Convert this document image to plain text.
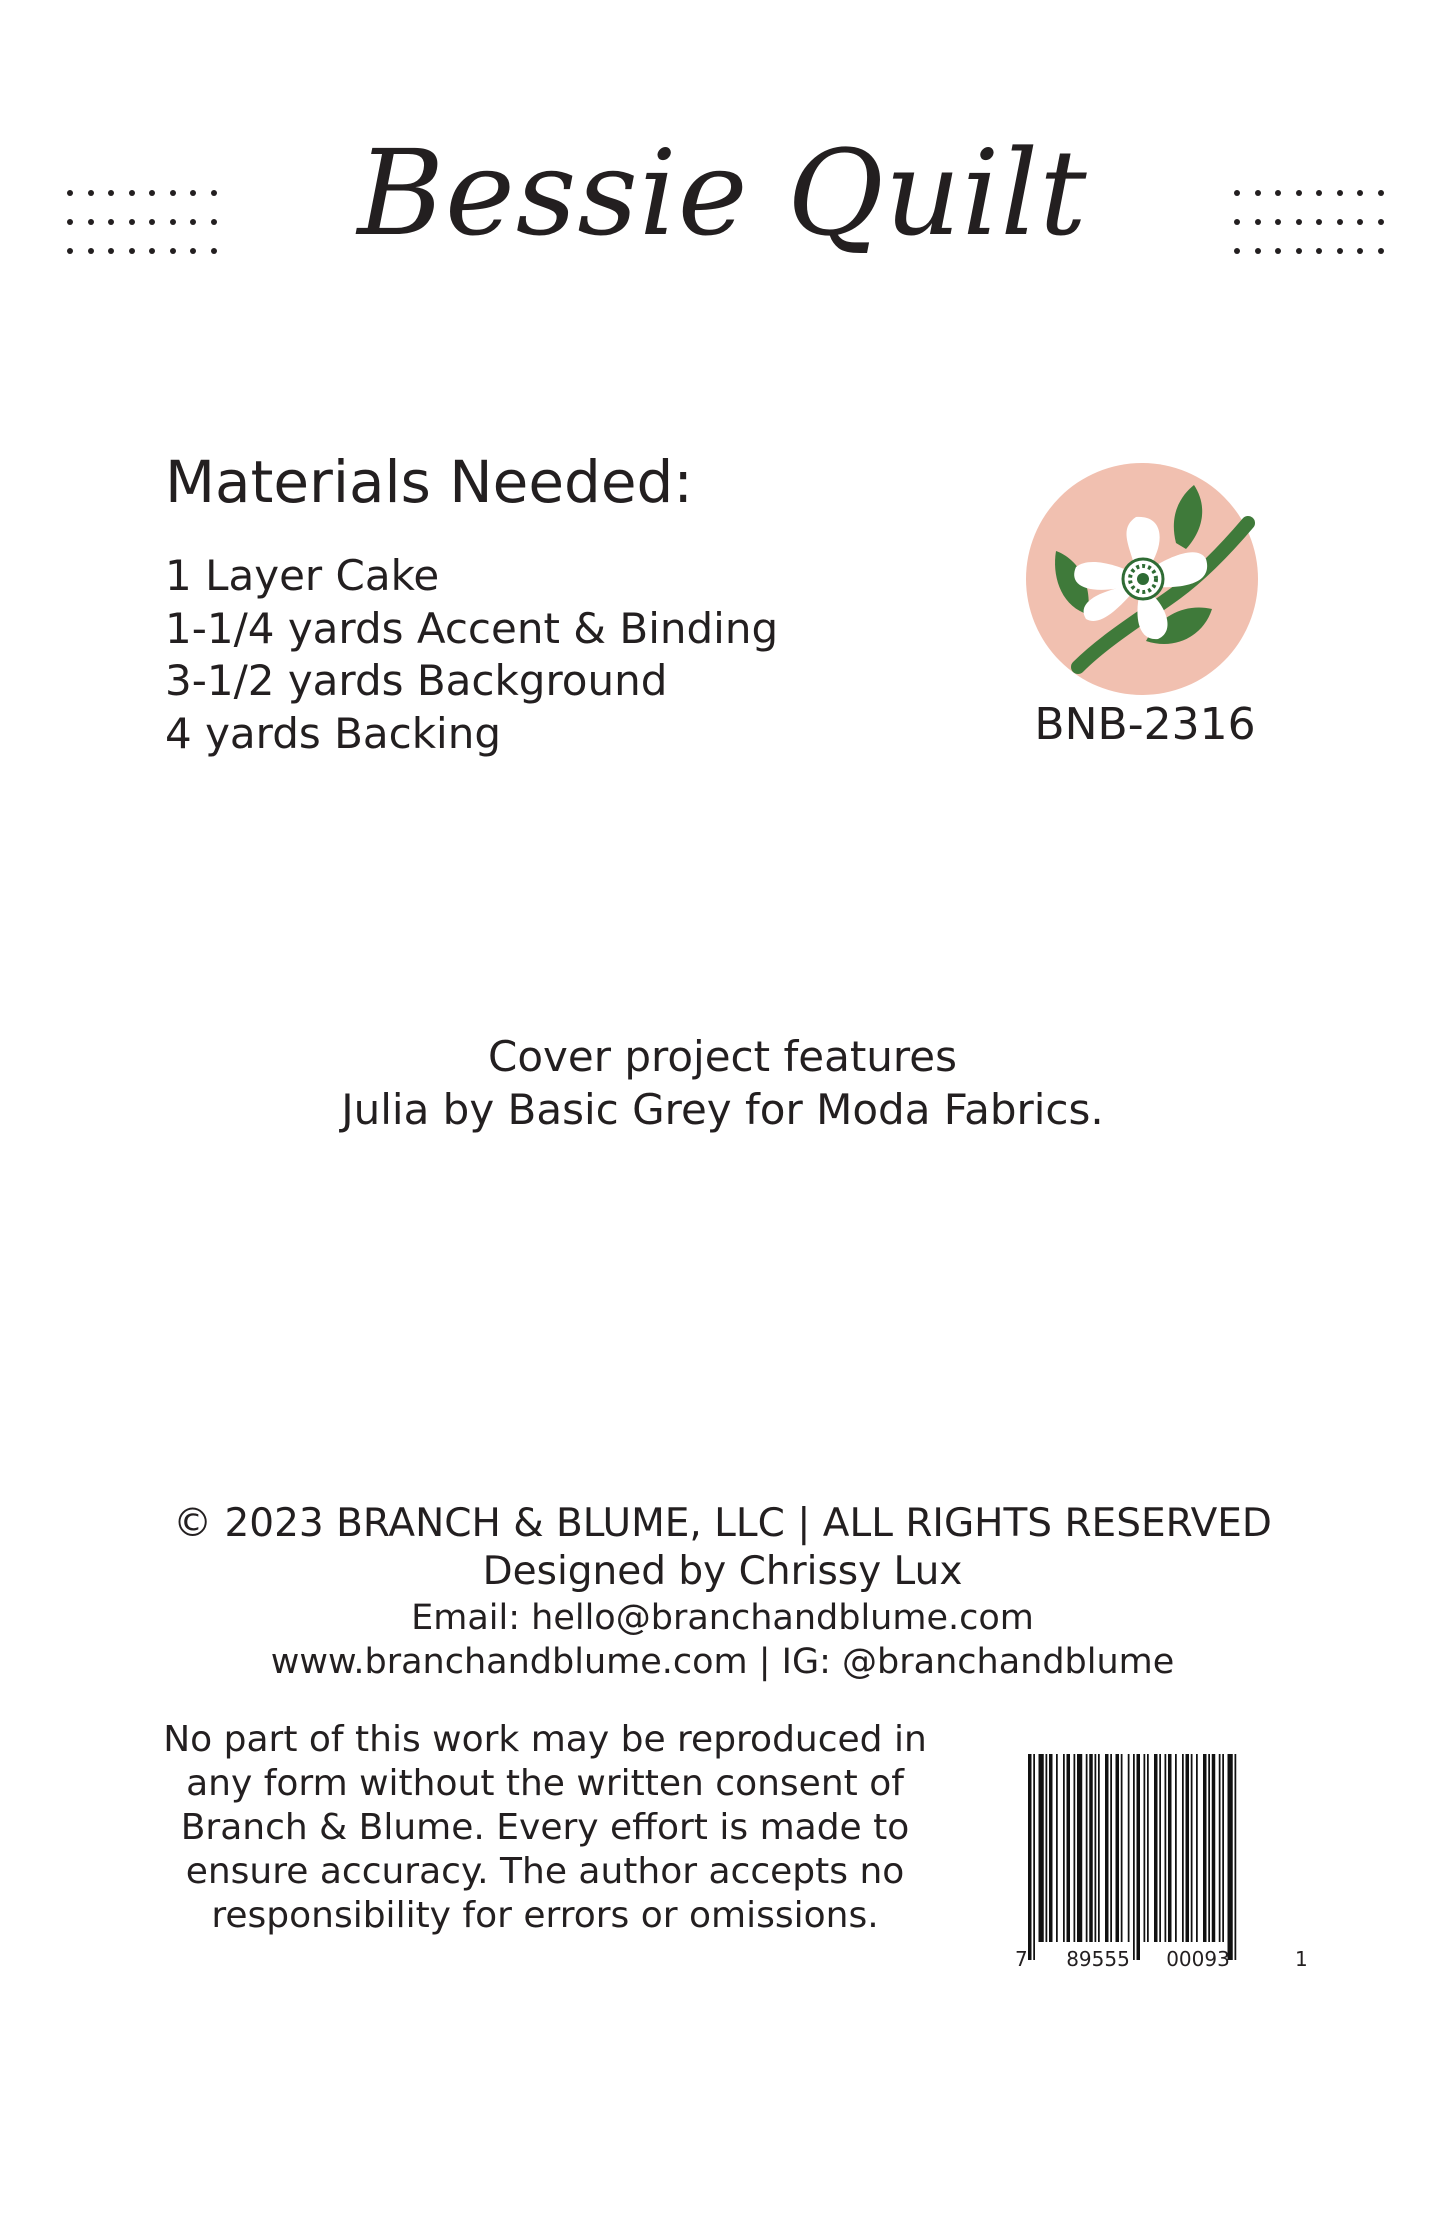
Bessie Quilt
Materials Needed:
1 Layer Cake
1-1/4 yards Accent & Binding
3-1/2 yards Background
4 yards Backing	BNB-2316
Cover project features
Julia by Basic Grey for Moda Fabrics.
© 2023 BRANCH & BLUME, LLC | ALL RIGHTS RESERVED
Designed by Chrissy Lux
Email: hello@branchandblume.com
www.branchandblume.com | IG: @branchandblume
No part of this work may be reproduced in
any form without the written consent of
Branch & Blume. Every effort is made to
ensure accuracy. The author accepts no
responsibility for errors or omissions.
7 89555 00093	1
